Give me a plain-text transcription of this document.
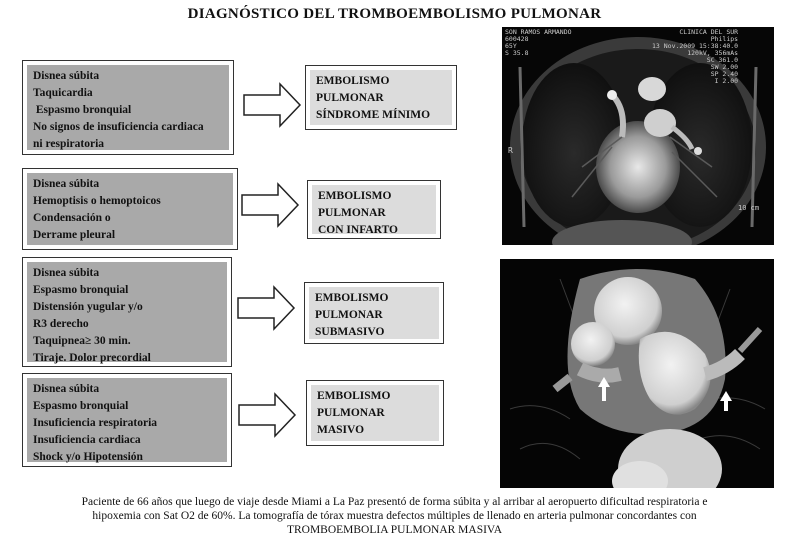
DIAGNÓSTICO DEL TROMBOEMBOLISMO PULMONAR
Disnea súbita
Taquicardia
Espasmo bronquial
No signos de insuficiencia cardiaca
ni respiratoria
EMBOLISMO
PULMONAR
SÍNDROME MÍNIMO
Disnea súbita
Hemoptisis o hemoptoicos
Condensación o
Derrame pleural
EMBOLISMO
PULMONAR
CON INFARTO
Disnea súbita
Espasmo bronquial
Distensión yugular y/o
R3 derecho
Taquipnea≥ 30 min.
Tiraje. Dolor precordial
EMBOLISMO
PULMONAR
SUBMASIVO
Disnea súbita
Espasmo bronquial
Insuficiencia respiratoria
Insuficiencia cardiaca
Shock y/o Hipotensión
EMBOLISMO
PULMONAR
MASIVO
SON RAMOS ARMANDO
600428
65Y
S 35.8
CLINICA DEL SUR
Philips
13 Nov.2009 15:38:40.0
120kV, 356mAs
SC 361.0
SW 2.00
SP 2.40
I 2.00
R
10 cm
Paciente de 66 años que luego de viaje desde Miami a La Paz presentó de forma súbita y al arribar al aeropuerto dificultad respiratoria e
hipoxemia con Sat O2 de 60%. La tomografía de tórax muestra defectos múltiples de llenado en arteria pulmonar concordantes con
TROMBOEMBOLIA PULMONAR MASIVA
